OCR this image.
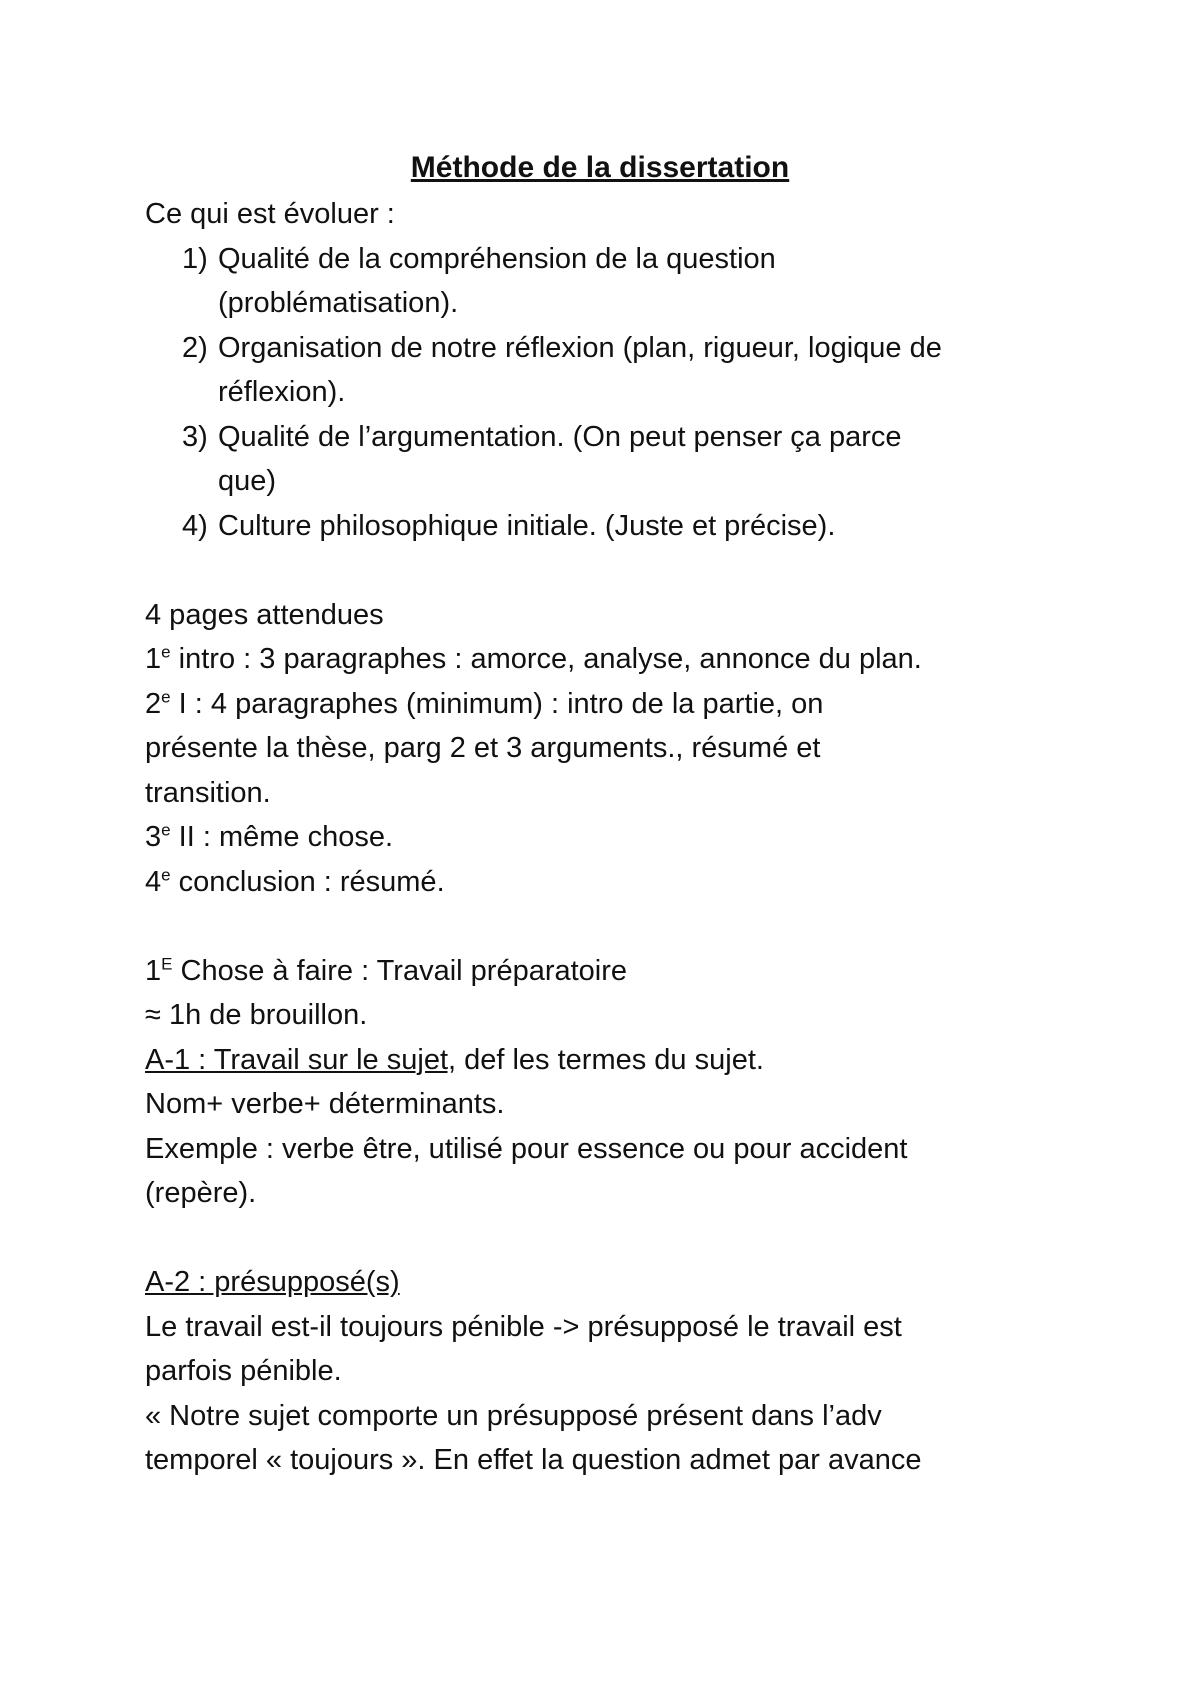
Méthode de la dissertation
Ce qui est évoluer :
1) Qualité de la compréhension de la question
(problématisation).
2) Organisation de notre réflexion (plan, rigueur, logique de
réflexion).
3) Qualité de l’argumentation. (On peut penser ça parce
que)
4) Culture philosophique initiale. (Juste et précise).
4 pages attendues
1e intro : 3 paragraphes : amorce, analyse, annonce du plan.
2e I : 4 paragraphes (minimum) : intro de la partie, on
présente la thèse, parg 2 et 3 arguments., résumé et
transition.
3e II : même chose.
4e conclusion : résumé.
$1^E$ Chose à faire : Travail préparatoire
≈ 1h de brouillon.
A-1 : Travail sur le sujet, def les termes du sujet.
Nom+ verbe+ déterminants.
Exemple : verbe être, utilisé pour essence ou pour accident
(repère).
A-2 : présupposé(s)
Le travail est-il toujours pénible -> présupposé le travail est
parfois pénible.
« Notre sujet comporte un présupposé présent dans l’adv
temporel « toujours ». En effet la question admet par avance
